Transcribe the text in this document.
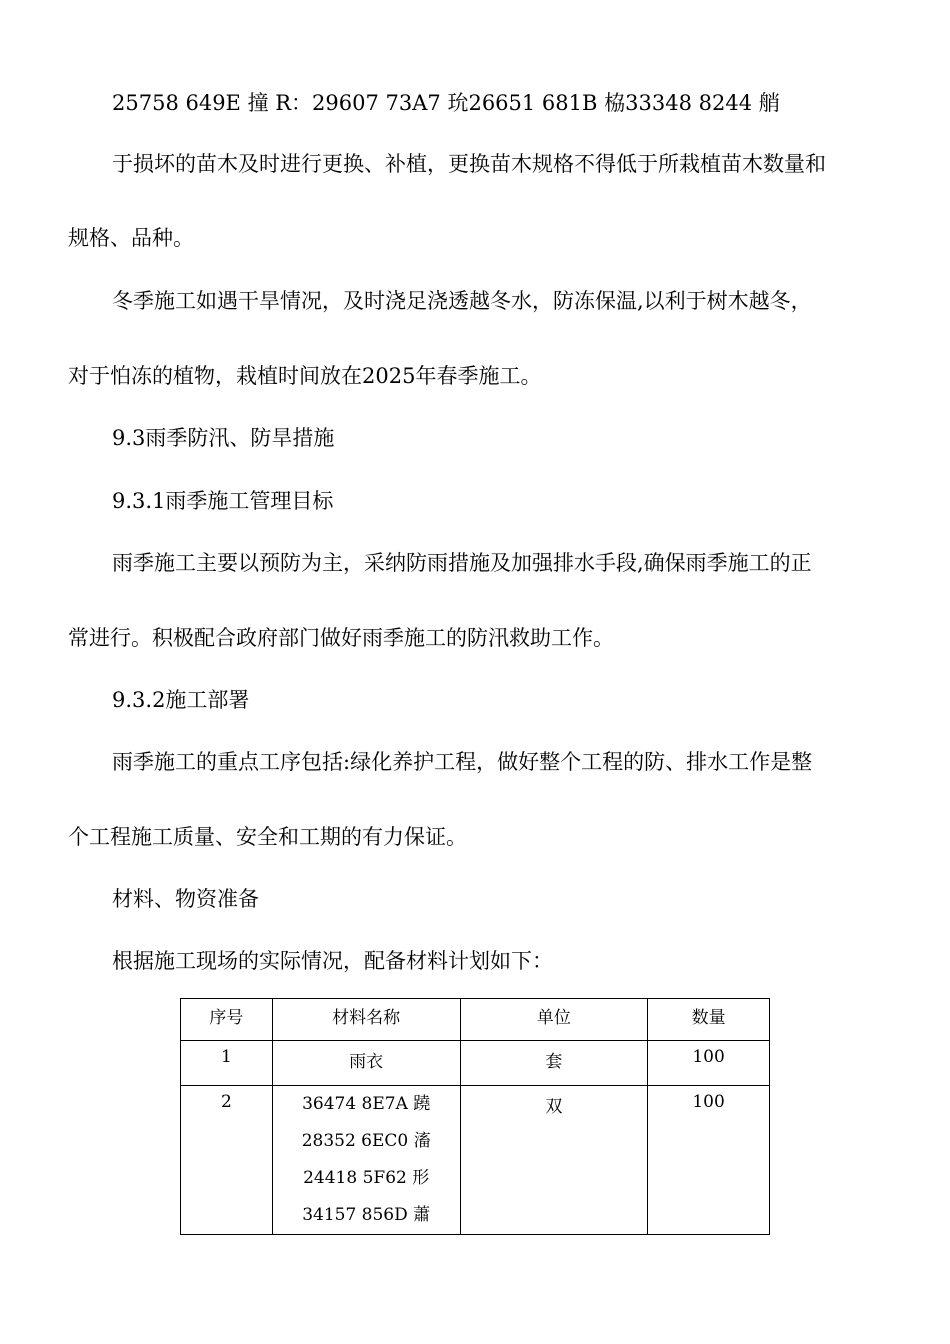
25758 649E 撞 R：29607 73A7 玧26651 681B 栛33348 8244 艄
于损坏的苗木及时进行更换、补植，更换苗木规格不得低于所栽植苗木数量和
规格、品种。
冬季施工如遇干旱情况，及时浇足浇透越冬水，防冻保温,以利于树木越冬，
对于怕冻的植物，栽植时间放在2025年春季施工。
9.3雨季防汛、防旱措施
9.3.1雨季施工管理目标
雨季施工主要以预防为主，采纳防雨措施及加强排水手段,确保雨季施工的正
常进行。积极配合政府部门做好雨季施工的防汛救助工作。
9.3.2施工部署
雨季施工的重点工序包括:绿化养护工程，做好整个工程的防、排水工作是整
个工程施工质量、安全和工期的有力保证。
材料、物资准备
根据施工现场的实际情况，配备材料计划如下：
序号	材料名称	单位	数量
1	雨衣	套	100
2	36474 8E7A 蹺
28352 6EC0 滀
24418 5F62 形
34157 856D 蕭	双	100
